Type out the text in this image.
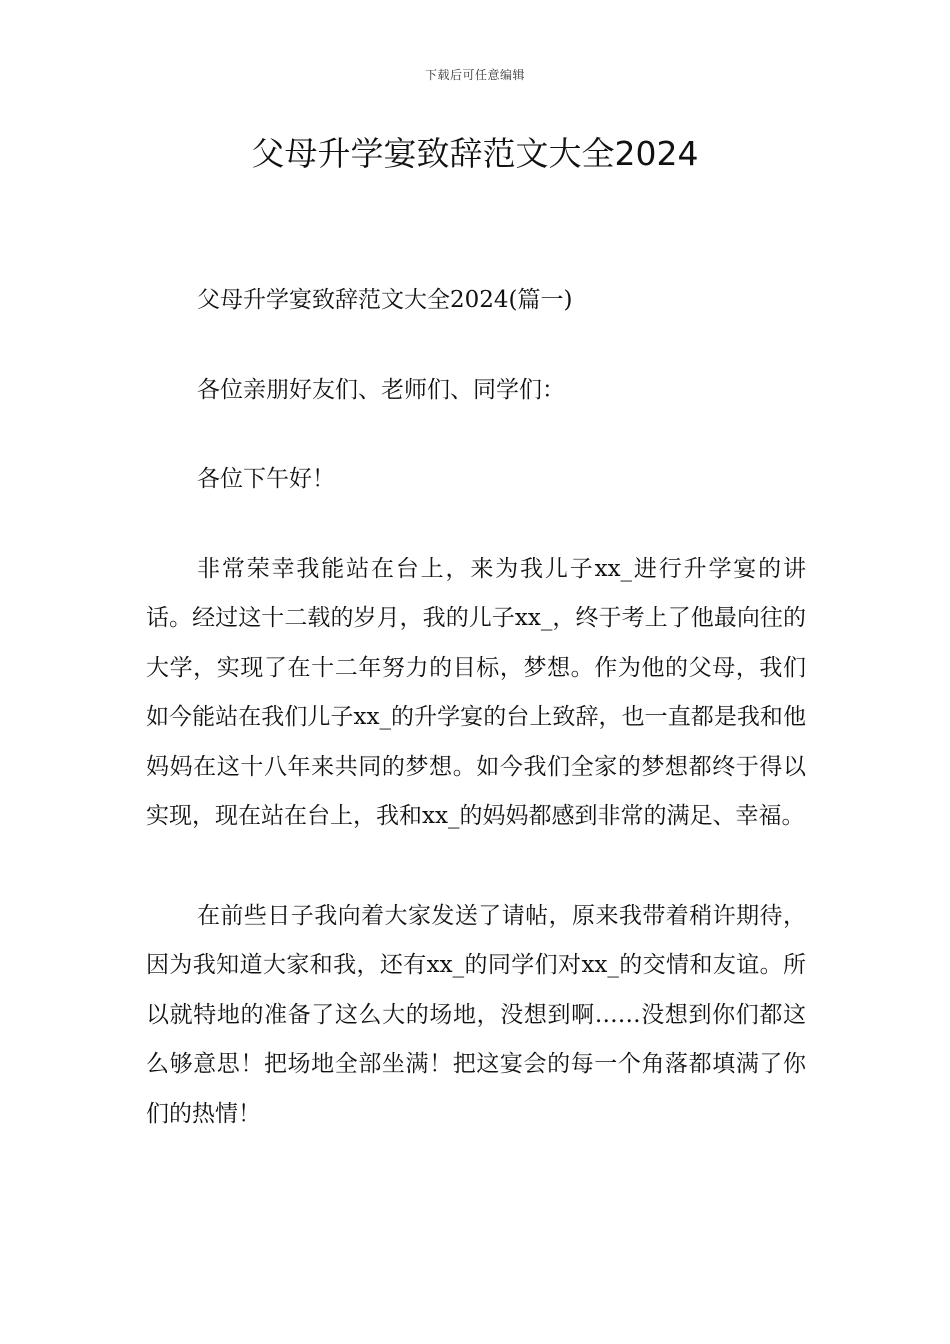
下载后可任意编辑
父母升学宴致辞范文大全2024

父母升学宴致辞范文大全2024(篇一)

各位亲朋好友们、老师们、同学们：

各位下午好！

非常荣幸我能站在台上，来为我儿子xx_进行升学宴的讲话。经过这十二载的岁月，我的儿子xx_，终于考上了他最向往的大学，实现了在十二年努力的目标，梦想。作为他的父母，我们如今能站在我们儿子xx_的升学宴的台上致辞，也一直都是我和他妈妈在这十八年来共同的梦想。如今我们全家的梦想都终于得以实现，现在站在台上，我和xx_的妈妈都感到非常的满足、幸福。

在前些日子我向着大家发送了请帖，原来我带着稍许期待，因为我知道大家和我，还有xx_的同学们对xx_的交情和友谊。所以就特地的准备了这么大的场地，没想到啊……没想到你们都这么够意思！把场地全部坐满！把这宴会的每一个角落都填满了你们的热情！
